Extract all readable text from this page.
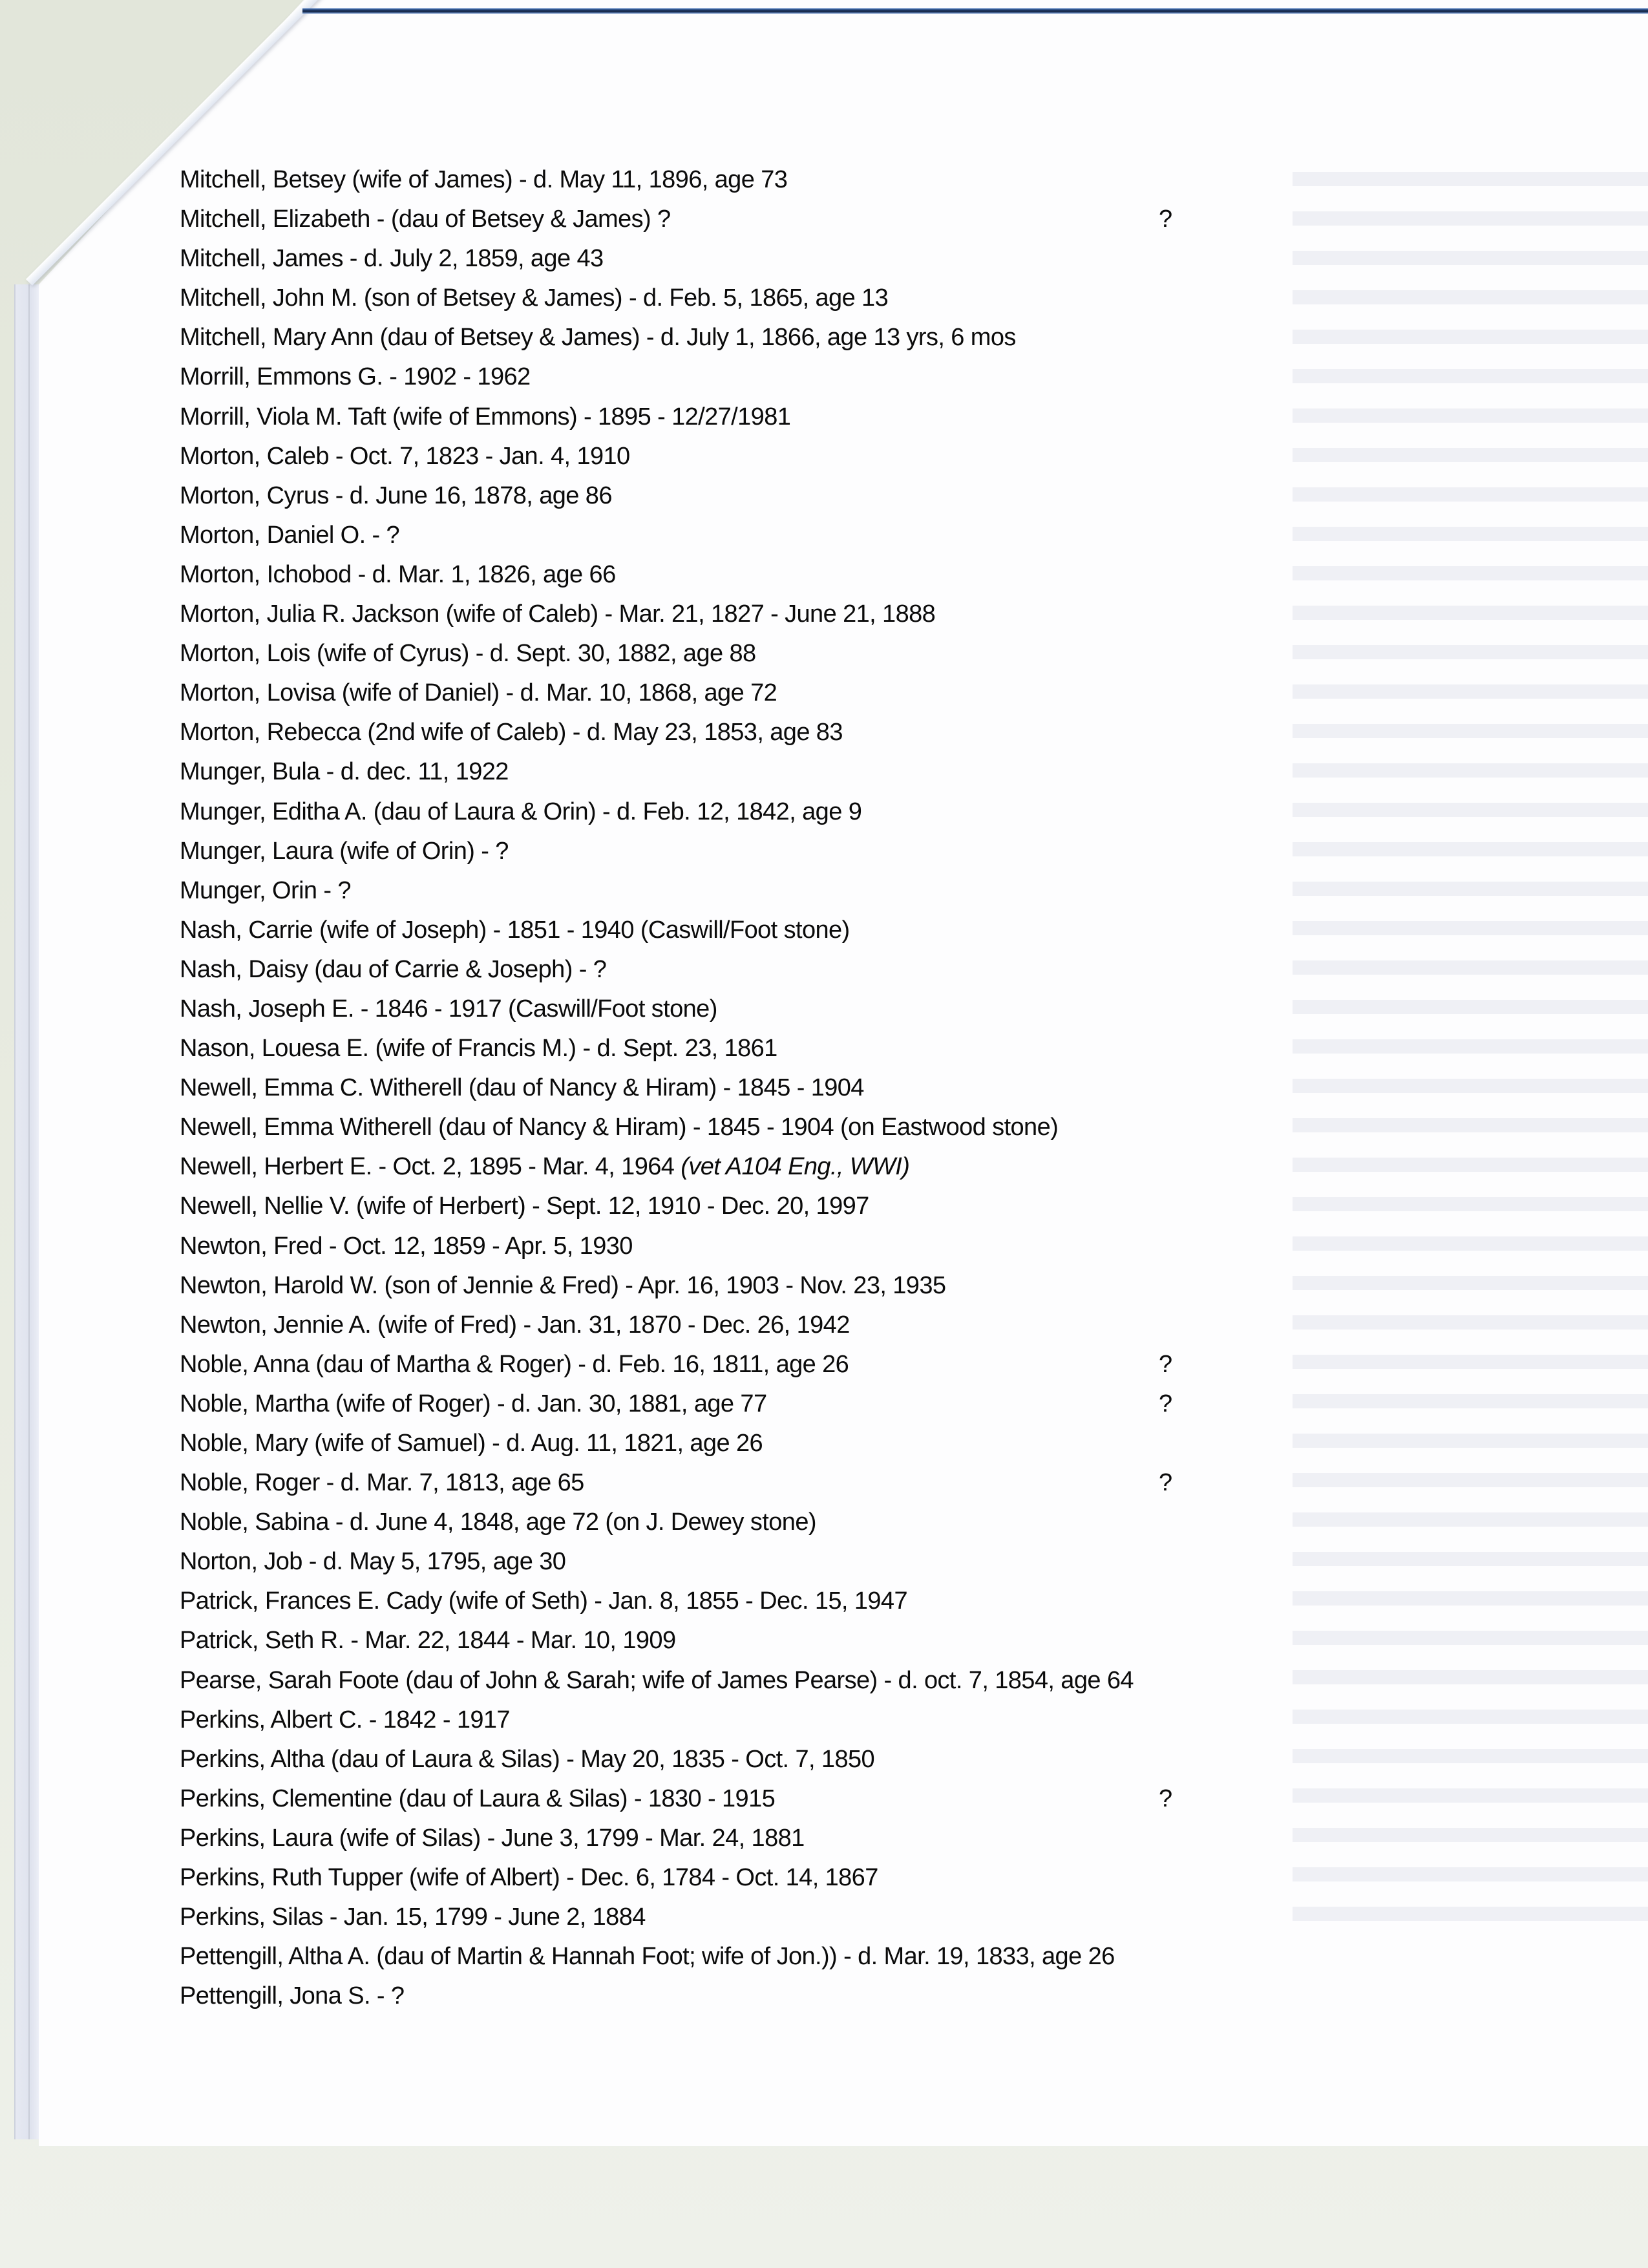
Mitchell, Betsey (wife of James) - d. May 11, 1896, age 73
Mitchell, Elizabeth - (dau of Betsey & James) ?	?
Mitchell, James - d. July 2, 1859, age 43
Mitchell, John M. (son of Betsey & James) - d. Feb. 5, 1865, age 13
Mitchell, Mary Ann (dau of Betsey & James) - d. July 1, 1866, age 13 yrs, 6 mos
Morrill, Emmons G. - 1902 - 1962
Morrill, Viola M. Taft (wife of Emmons) - 1895 - 12/27/1981
Morton, Caleb - Oct. 7, 1823 - Jan. 4, 1910
Morton, Cyrus - d. June 16, 1878, age 86
Morton, Daniel O. - ?
Morton, Ichobod - d. Mar. 1, 1826, age 66
Morton, Julia R. Jackson (wife of Caleb) - Mar. 21, 1827 - June 21, 1888
Morton, Lois (wife of Cyrus) - d. Sept. 30, 1882, age 88
Morton, Lovisa (wife of Daniel) - d. Mar. 10, 1868, age 72
Morton, Rebecca (2nd wife of Caleb) - d. May 23, 1853, age 83
Munger, Bula - d. dec. 11, 1922
Munger, Editha A. (dau of Laura & Orin) - d. Feb. 12, 1842, age 9
Munger, Laura (wife of Orin) - ?
Munger, Orin - ?
Nash, Carrie (wife of Joseph) - 1851 - 1940 (Caswill/Foot stone)
Nash, Daisy (dau of Carrie & Joseph) - ?
Nash, Joseph E. - 1846 - 1917 (Caswill/Foot stone)
Nason, Louesa E. (wife of Francis M.) - d. Sept. 23, 1861
Newell, Emma C. Witherell (dau of Nancy & Hiram) - 1845 - 1904
Newell, Emma Witherell (dau of Nancy & Hiram) - 1845 - 1904 (on Eastwood stone)
Newell, Herbert E. - Oct. 2, 1895 - Mar. 4, 1964 (vet A104 Eng., WWI)
Newell, Nellie V. (wife of Herbert) - Sept. 12, 1910 - Dec. 20, 1997
Newton, Fred - Oct. 12, 1859 - Apr. 5, 1930
Newton, Harold W. (son of Jennie & Fred) - Apr. 16, 1903 - Nov. 23, 1935
Newton, Jennie A. (wife of Fred) - Jan. 31, 1870 - Dec. 26, 1942
Noble, Anna (dau of Martha & Roger) - d. Feb. 16, 1811, age 26	?
Noble, Martha (wife of Roger) - d. Jan. 30, 1881, age 77	?
Noble, Mary (wife of Samuel) - d. Aug. 11, 1821, age 26
Noble, Roger - d. Mar. 7, 1813, age 65	?
Noble, Sabina - d. June 4, 1848, age 72 (on J. Dewey stone)
Norton, Job - d. May 5, 1795, age 30
Patrick, Frances E. Cady (wife of Seth) - Jan. 8, 1855 - Dec. 15, 1947
Patrick, Seth R. - Mar. 22, 1844 - Mar. 10, 1909
Pearse, Sarah Foote (dau of John & Sarah; wife of James Pearse) - d. oct. 7, 1854, age 64
Perkins, Albert C. - 1842 - 1917
Perkins, Altha (dau of Laura & Silas) - May 20, 1835 - Oct. 7, 1850
Perkins, Clementine (dau of Laura & Silas) - 1830 - 1915	?
Perkins, Laura (wife of Silas) - June 3, 1799 - Mar. 24, 1881
Perkins, Ruth Tupper (wife of Albert) - Dec. 6, 1784 - Oct. 14, 1867
Perkins, Silas - Jan. 15, 1799 - June 2, 1884
Pettengill, Altha A. (dau of Martin & Hannah Foot; wife of Jon.)) - d. Mar. 19, 1833, age 26
Pettengill, Jona S. - ?
